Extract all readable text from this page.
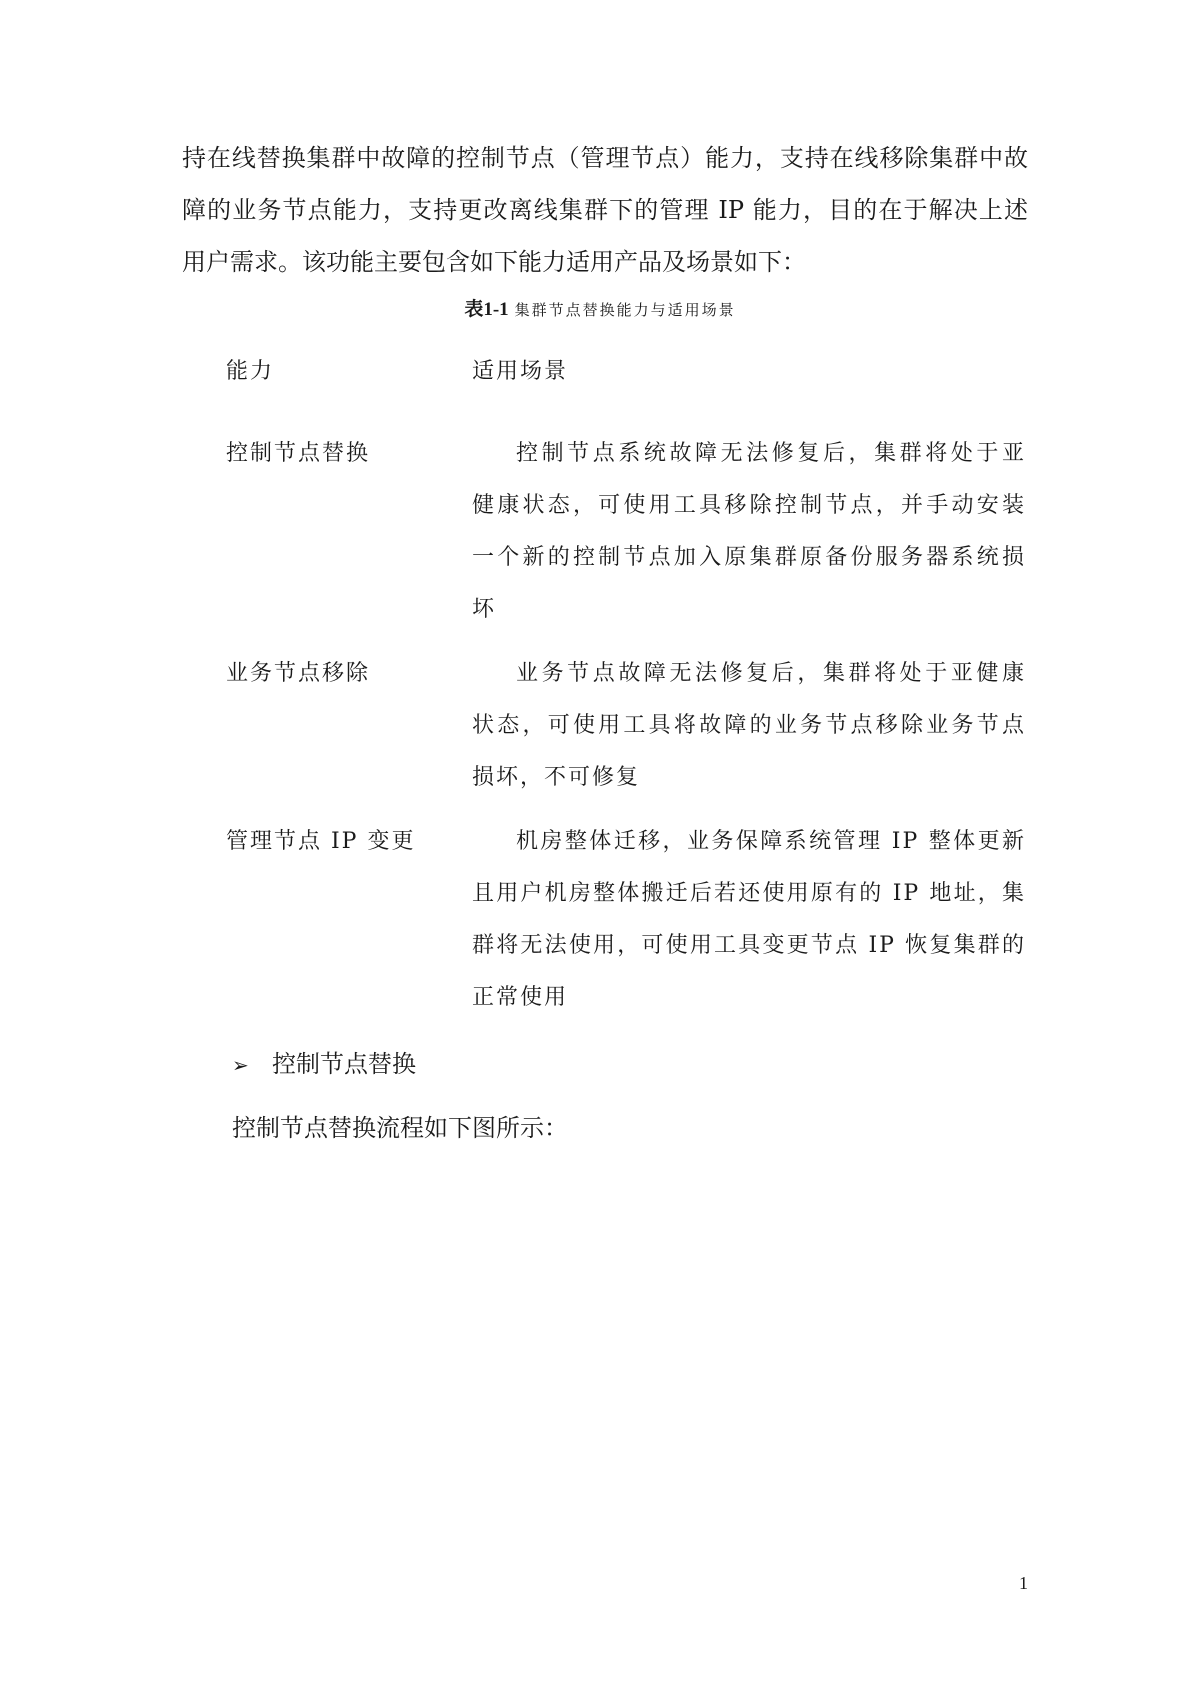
持在线替换集群中故障的控制节点（管理节点）能力，支持在线移除集群中故
障的业务节点能力，支持更改离线集群下的管理 IP 能力，目的在于解决上述
用户需求。该功能主要包含如下能力适用产品及场景如下：
表1-1 集群节点替换能力与适用场景
能力	适用场景
控制节点替换	控制节点系统故障无法修复后，集群将处于亚
健康状态，可使用工具移除控制节点，并手动安装
一个新的控制节点加入原集群原备份服务器系统损
坏
业务节点移除	业务节点故障无法修复后，集群将处于亚健康
状态，可使用工具将故障的业务节点移除业务节点
损坏，不可修复
管理节点 IP 变更	机房整体迁移，业务保障系统管理 IP 整体更新
且用户机房整体搬迁后若还使用原有的 IP 地址，集
群将无法使用，可使用工具变更节点 IP 恢复集群的
正常使用
➢ 控制节点替换
控制节点替换流程如下图所示：
1
